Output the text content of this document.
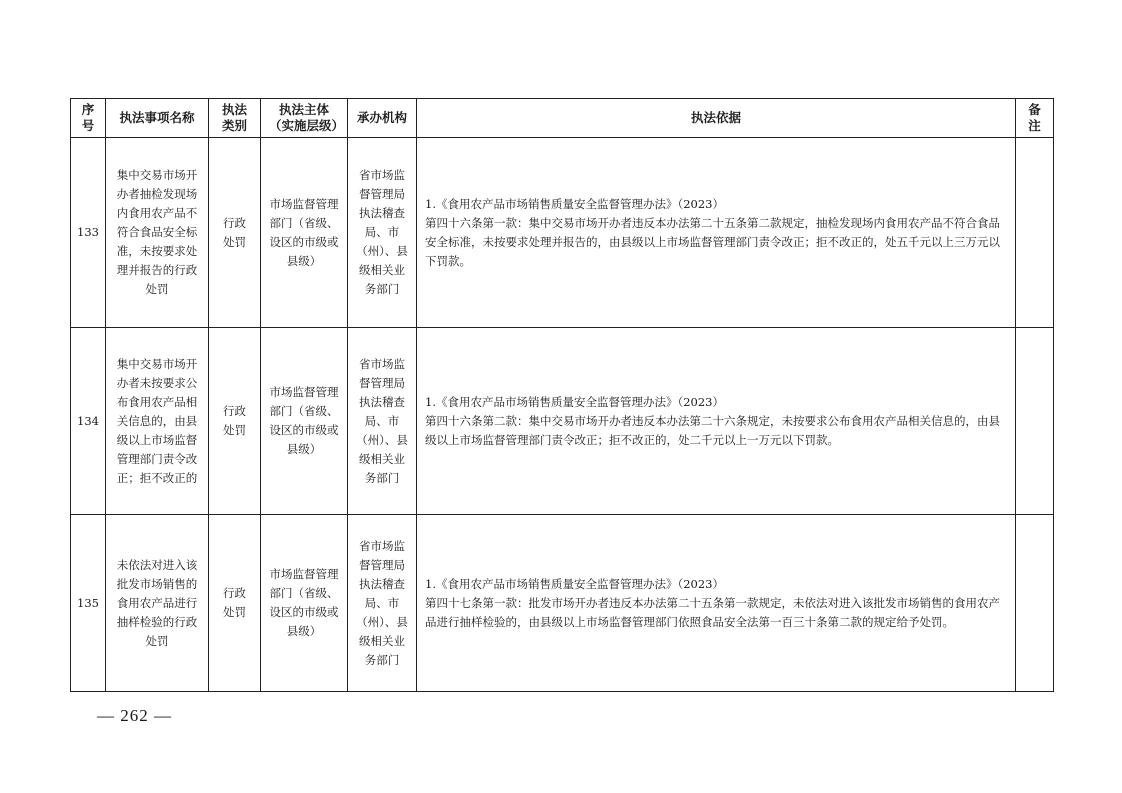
序号	执法事项名称	执法类别	执法主体（实施层级）	承办机构	执法依据	备注
133	集中交易市场开办者抽检发现场内食用农产品不符合食品安全标准，未按要求处理并报告的行政处罚	行政处罚	市场监督管理部门（省级、设区的市级或县级）	省市场监督管理局执法稽查局、市（州）、县级相关业务部门	1.《食用农产品市场销售质量安全监督管理办法》（2023）
第四十六条第一款：集中交易市场开办者违反本办法第二十五条第二款规定，抽检发现场内食用农产品不符合食品安全标准，未按要求处理并报告的，由县级以上市场监督管理部门责令改正；拒不改正的，处五千元以上三万元以下罚款。	

134	集中交易市场开办者未按要求公布食用农产品相关信息的，由县级以上市场监督管理部门责令改正；拒不改正的	行政处罚	市场监督管理部门（省级、设区的市级或县级）	省市场监督管理局执法稽查局、市（州）、县级相关业务部门	1.《食用农产品市场销售质量安全监督管理办法》（2023）
第四十六条第二款：集中交易市场开办者违反本办法第二十六条规定，未按要求公布食用农产品相关信息的，由县级以上市场监督管理部门责令改正；拒不改正的，处二千元以上一万元以下罚款。	

135	未依法对进入该批发市场销售的食用农产品进行抽样检验的行政处罚	行政处罚	市场监督管理部门（省级、设区的市级或县级）	省市场监督管理局执法稽查局、市（州）、县级相关业务部门	1.《食用农产品市场销售质量安全监督管理办法》（2023）
第四十七条第一款：批发市场开办者违反本办法第二十五条第一款规定，未依法对进入该批发市场销售的食用农产品进行抽样检验的，由县级以上市场监督管理部门依照食品安全法第一百三十条第二款的规定给予处罚。	

— 262 —
